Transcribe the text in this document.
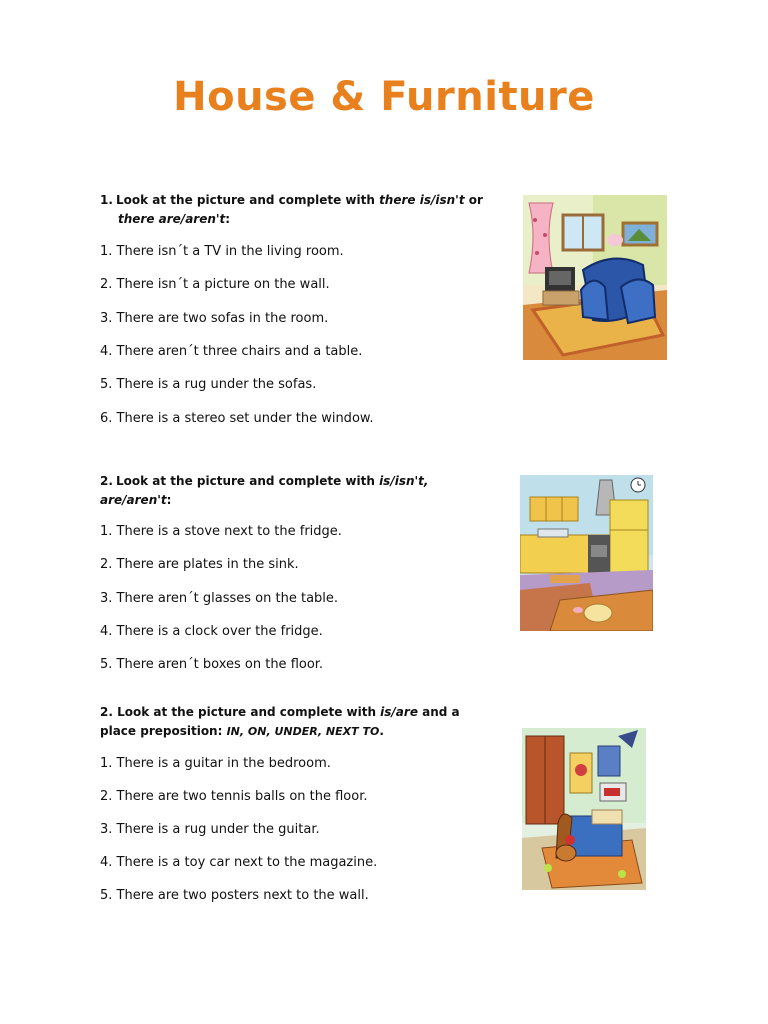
House & Furniture
1. Look at the picture and complete with there is/isn't or
there are/aren't:
1. There isn´t a TV in the living room.
2. There isn´t a picture on the wall.
3. There are two sofas in the room.
4. There aren´t three chairs and a table.
5. There is a rug under the sofas.
6. There is a stereo set under the window.
2. Look at the picture and complete with is/isn't,
are/aren't:
1. There is a stove next to the fridge.
2. There are plates in the sink.
3. There aren´t glasses on the table.
4. There is a clock over the fridge.
5. There aren´t boxes on the floor.
2. Look at the picture and complete with is/are and a
place preposition: IN, ON, UNDER, NEXT TO.
1. There is a guitar in the bedroom.
2. There are two tennis balls on the floor.
3. There is a rug under the guitar.
4. There is a toy car next to the magazine.
5. There are two posters next to the wall.
